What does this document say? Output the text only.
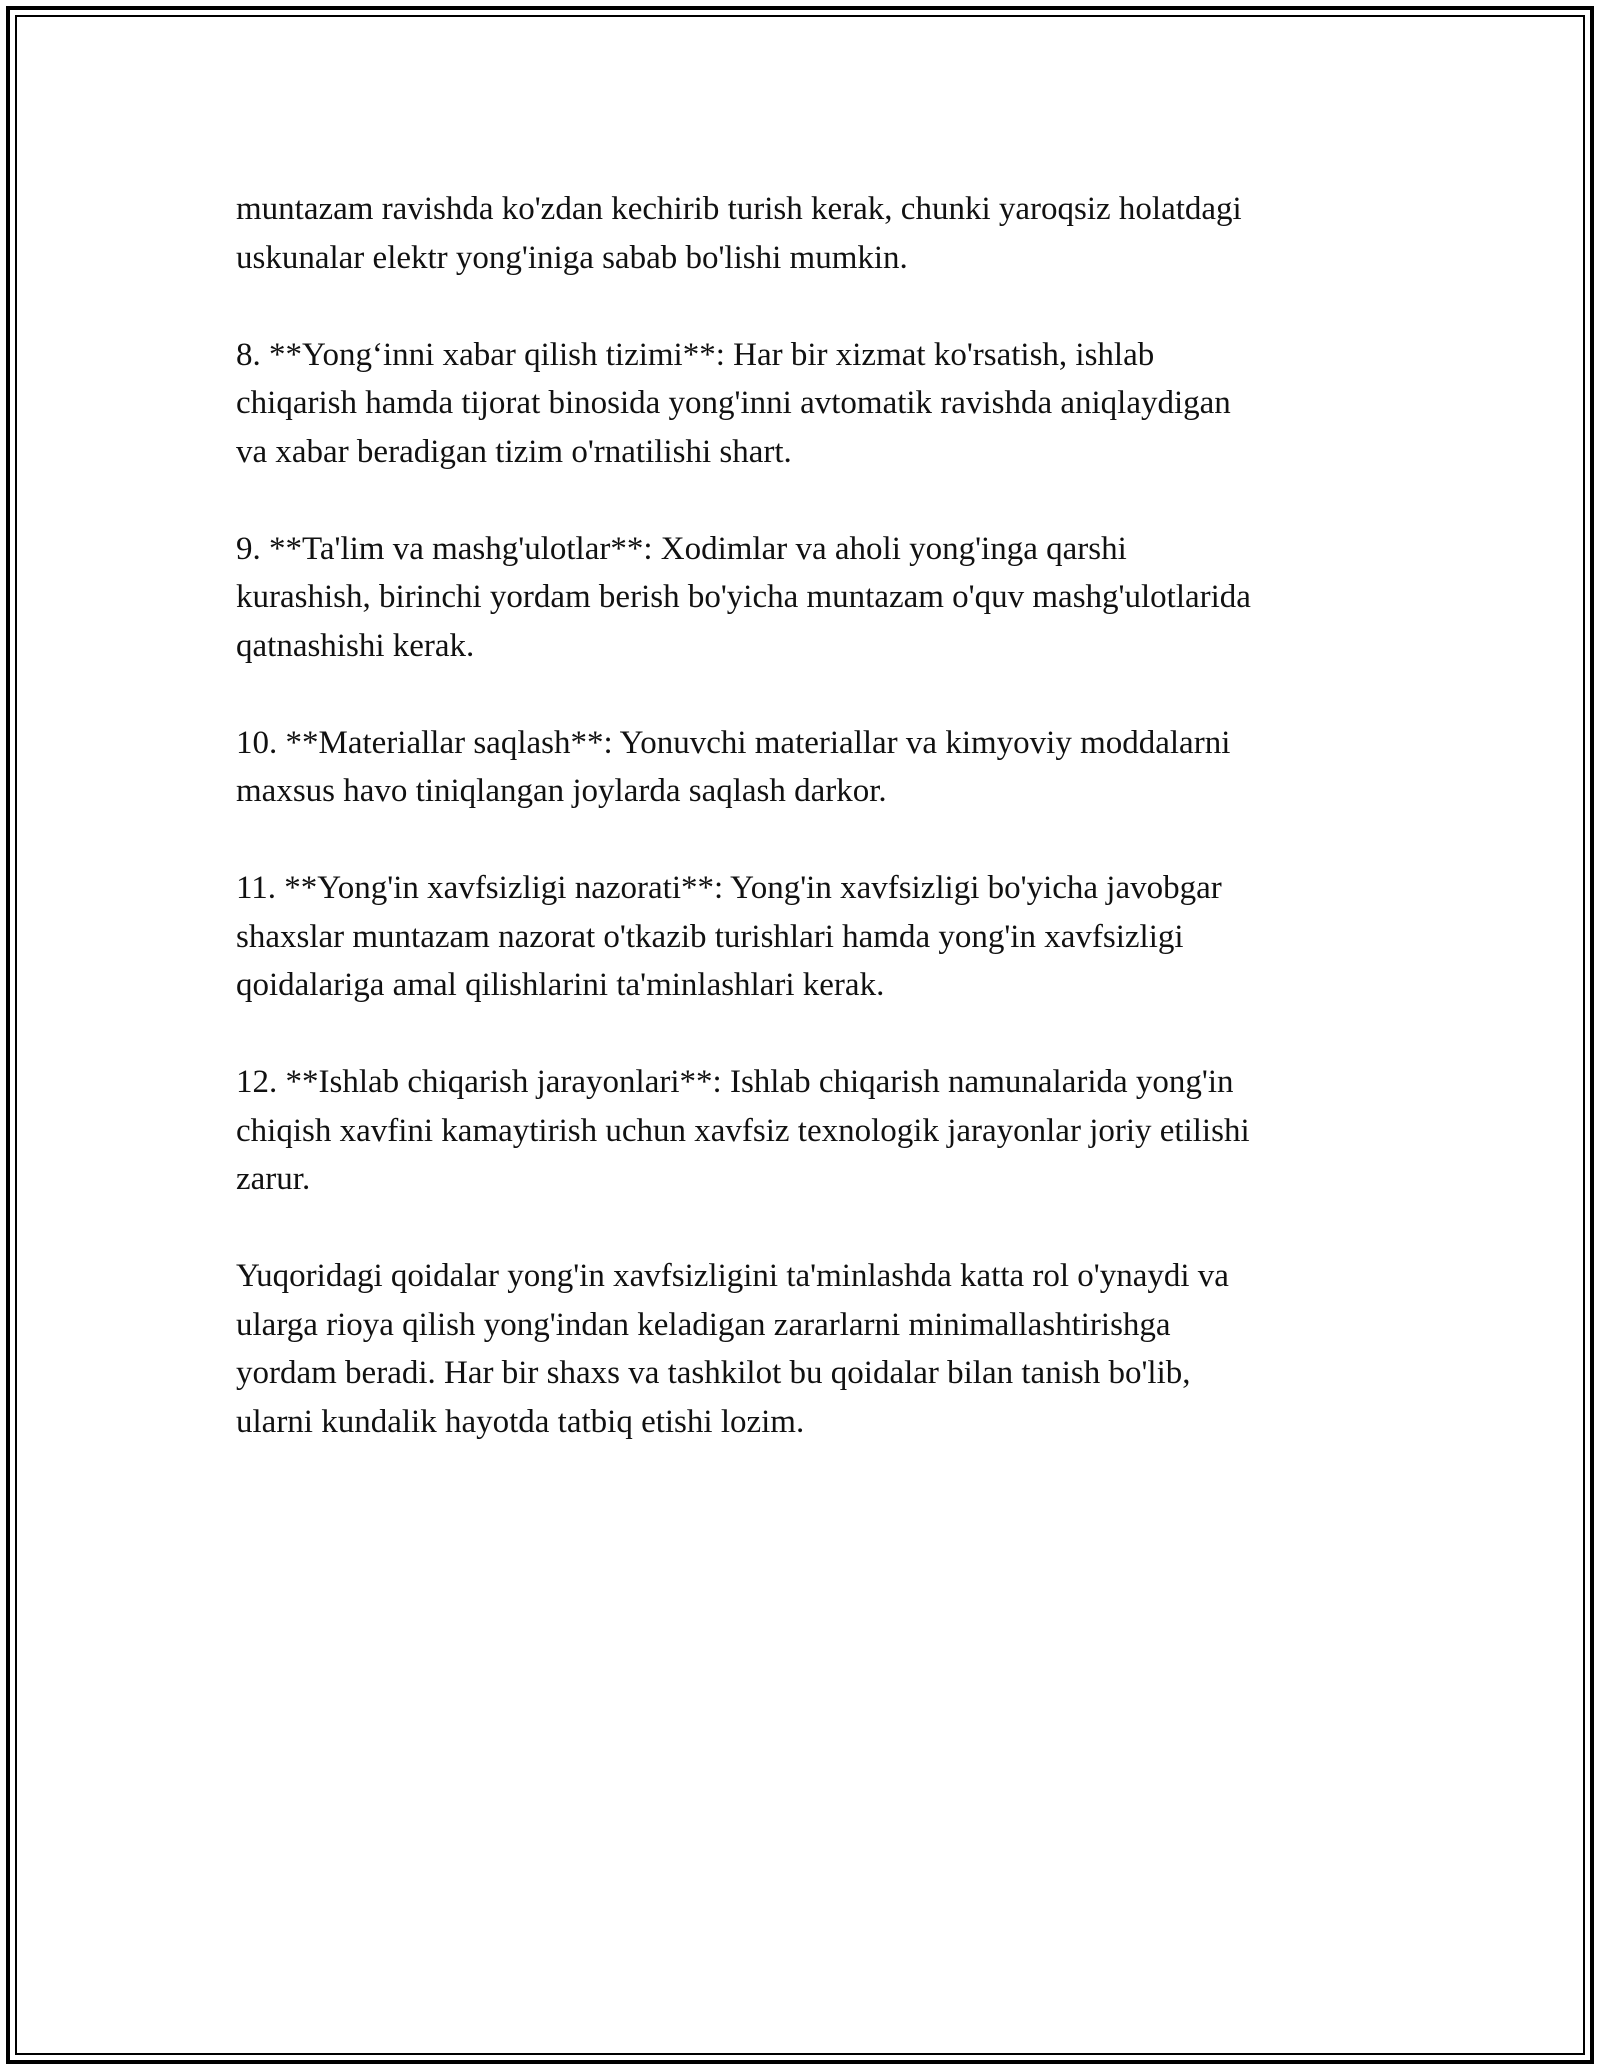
muntazam ravishda ko'zdan kechirib turish kerak, chunki yaroqsiz holatdagi
uskunalar elektr yong'iniga sabab bo'lishi mumkin.

8. **Yong‘inni xabar qilish tizimi**: Har bir xizmat ko'rsatish, ishlab
chiqarish hamda tijorat binosida yong'inni avtomatik ravishda aniqlaydigan
va xabar beradigan tizim o'rnatilishi shart.

9. **Ta'lim va mashg'ulotlar**: Xodimlar va aholi yong'inga qarshi
kurashish, birinchi yordam berish bo'yicha muntazam o'quv mashg'ulotlarida
qatnashishi kerak.

10. **Materiallar saqlash**: Yonuvchi materiallar va kimyoviy moddalarni
maxsus havo tiniqlangan joylarda saqlash darkor.

11. **Yong'in xavfsizligi nazorati**: Yong'in xavfsizligi bo'yicha javobgar
shaxslar muntazam nazorat o'tkazib turishlari hamda yong'in xavfsizligi
qoidalariga amal qilishlarini ta'minlashlari kerak.

12. **Ishlab chiqarish jarayonlari**: Ishlab chiqarish namunalarida yong'in
chiqish xavfini kamaytirish uchun xavfsiz texnologik jarayonlar joriy etilishi
zarur.

Yuqoridagi qoidalar yong'in xavfsizligini ta'minlashda katta rol o'ynaydi va
ularga rioya qilish yong'indan keladigan zararlarni minimallashtirishga
yordam beradi. Har bir shaxs va tashkilot bu qoidalar bilan tanish bo'lib,
ularni kundalik hayotda tatbiq etishi lozim.
